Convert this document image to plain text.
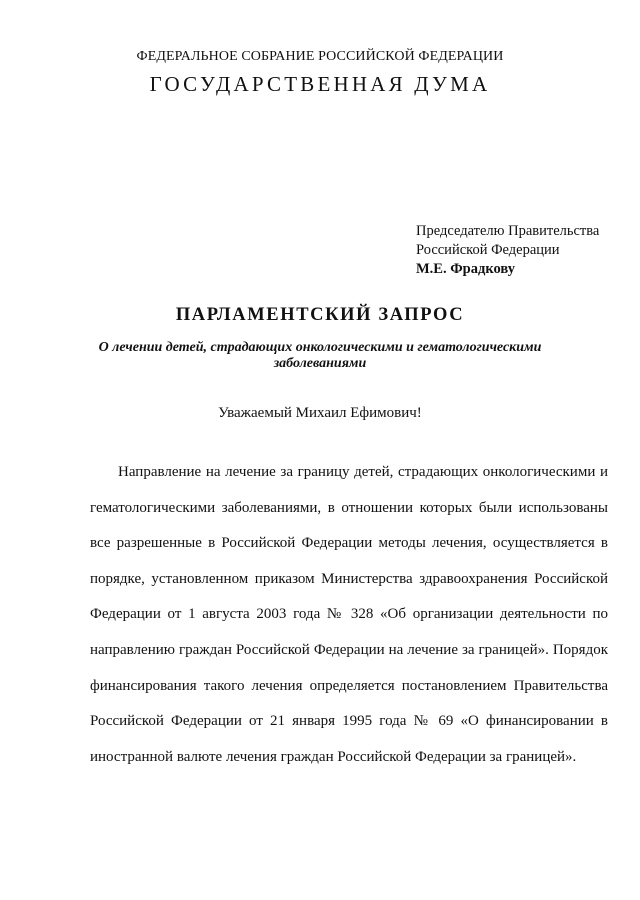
ФЕДЕРАЛЬНОЕ СОБРАНИЕ РОССИЙСКОЙ ФЕДЕРАЦИИ
ГОСУДАРСТВЕННАЯ ДУМА
Председателю Правительства
Российской Федерации
М.Е. Фрадкову
ПАРЛАМЕНТСКИЙ ЗАПРОС
О лечении детей, страдающих онкологическими и гематологическими заболеваниями
Уважаемый Михаил Ефимович!

Направление на лечение за границу детей, страдающих онкологическими и гематологическими заболеваниями, в отношении которых были использованы все разрешенные в Российской Федерации методы лечения, осуществляется в порядке, установленном приказом Министерства здравоохранения Российской Федерации от 1 августа 2003 года № 328 «Об организации деятельности по направлению граждан Российской Федерации на лечение за границей». Порядок финансирования такого лечения определяется постановлением Правительства Российской Федерации от 21 января 1995 года № 69 «О финансировании в иностранной валюте лечения граждан Российской Федерации за границей».
